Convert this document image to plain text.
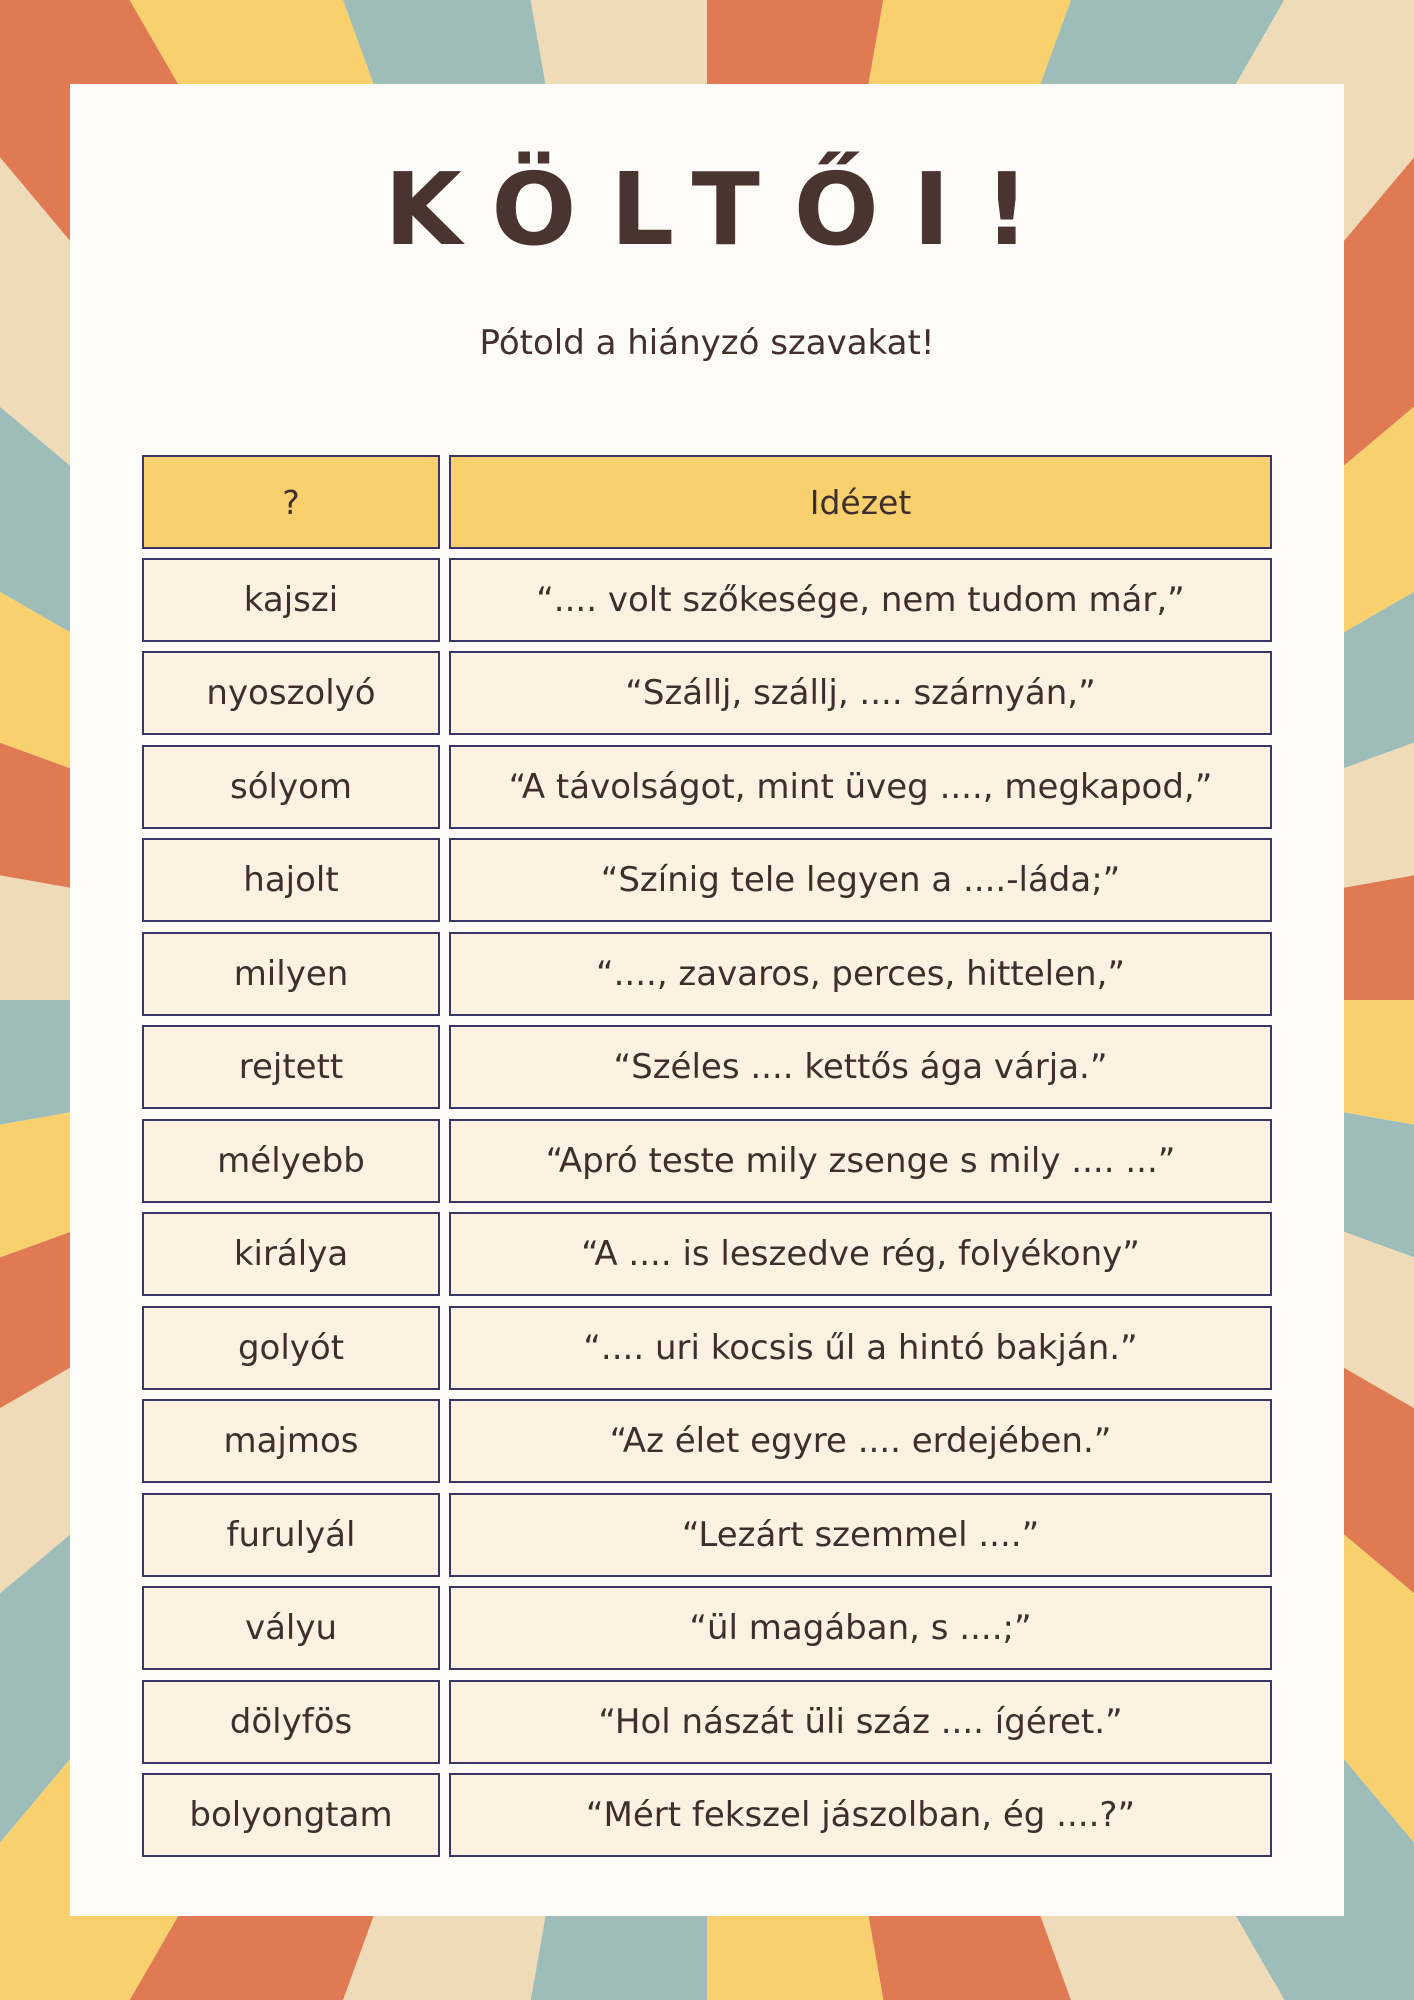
KÖLTŐI!
Pótold a hiányzó szavakat!
?	Idézet
kajszi	“.... volt szőkesége, nem tudom már,”
nyoszolyó	“Szállj, szállj, .... szárnyán,”
sólyom	“A távolságot, mint üveg ...., megkapod,”
hajolt	“Színig tele legyen a ....-láda;”
milyen	“...., zavaros, perces, hittelen,”
rejtett	“Széles .... kettős ága várja.”
mélyebb	“Apró teste mily zsenge s mily .... ...”
királya	“A .... is leszedve rég, folyékony”
golyót	“.... uri kocsis űl a hintó bakján.”
majmos	“Az élet egyre .... erdejében.”
furulyál	“Lezárt szemmel ....”
vályu	“ül magában, s ....;”
dölyfös	“Hol nászát üli száz .... ígéret.”
bolyongtam	“Mért fekszel jászolban, ég ....?”
